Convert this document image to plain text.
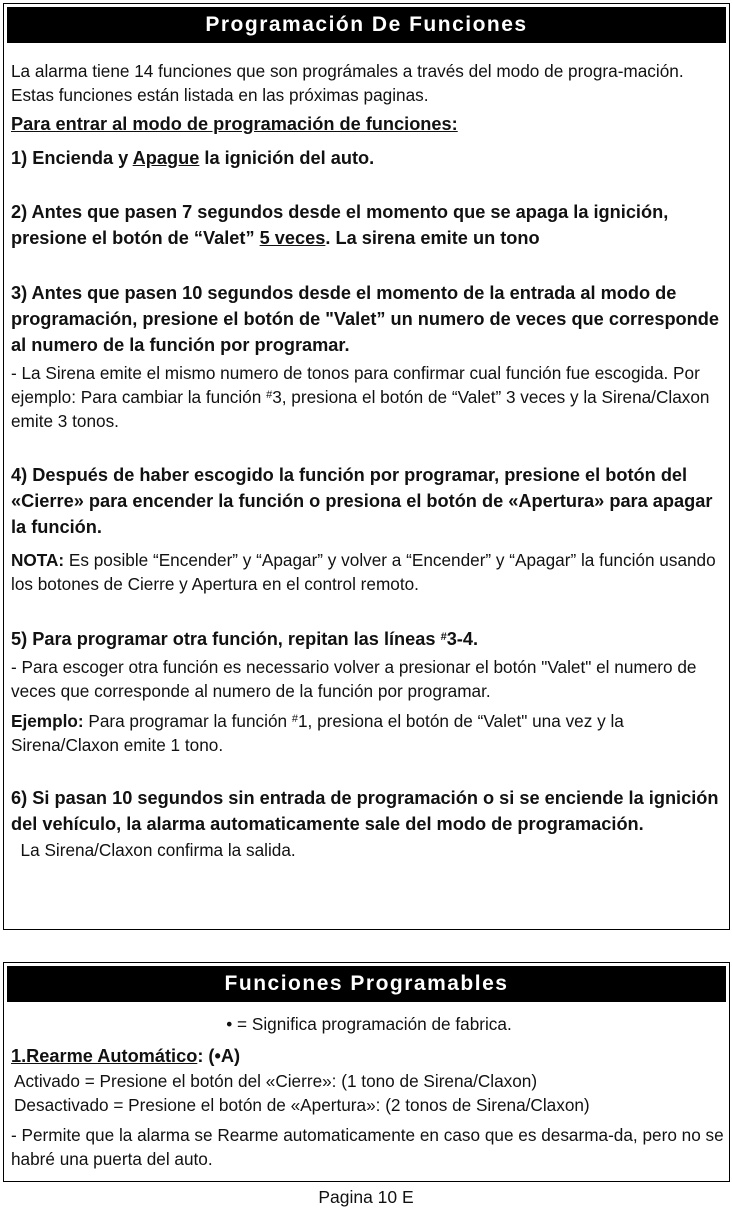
Programación De Funciones

La alarma tiene 14 funciones que son prográmales a través del modo de progra-mación. Estas funciones están listada en las próximas paginas.

Para entrar al modo de programación de funciones:

1) Encienda y Apague la ignición del auto.

2) Antes que pasen 7 segundos desde el momento que se apaga la ignición, presione el botón de “Valet” 5 veces. La sirena emite un tono

3) Antes que pasen 10 segundos desde el momento de la entrada al modo de programación, presione el botón de "Valet” un numero de veces que corresponde al numero de la función por programar.

- La Sirena emite el mismo numero de tonos para confirmar cual función fue escogida. Por ejemplo: Para cambiar la función #3, presiona el botón de “Valet” 3 veces y la Sirena/Claxon emite 3 tonos.

4) Después de haber escogido la función por programar, presione el botón del «Cierre» para encender la función o presiona el botón de «Apertura» para apagar la función.

NOTA: Es posible “Encender” y “Apagar” y volver a “Encender” y “Apagar” la función usando los botones de Cierre y Apertura en el control remoto.

5) Para programar otra función, repitan las líneas #3-4.

- Para escoger otra función es necessario volver a presionar el botón "Valet" el numero de veces que corresponde al numero de la función por programar.

Ejemplo: Para programar la función #1, presiona el botón de “Valet" una vez y la Sirena/Claxon emite 1 tono.

6) Si pasan 10 segundos sin entrada de programación o si se enciende la ignición del vehículo, la alarma automaticamente sale del modo de programación.  La Sirena/Claxon confirma la salida.

Funciones Programables

• = Significa programación de fabrica.

1.Rearme Automático: (•A)

Activado = Presione el botón del «Cierre»: (1 tono de Sirena/Claxon)

Desactivado = Presione el botón de «Apertura»: (2 tonos de Sirena/Claxon)

- Permite que la alarma se Rearme automaticamente en caso que es desarma-da, pero no se habré una puerta del auto.

Pagina 10 E
